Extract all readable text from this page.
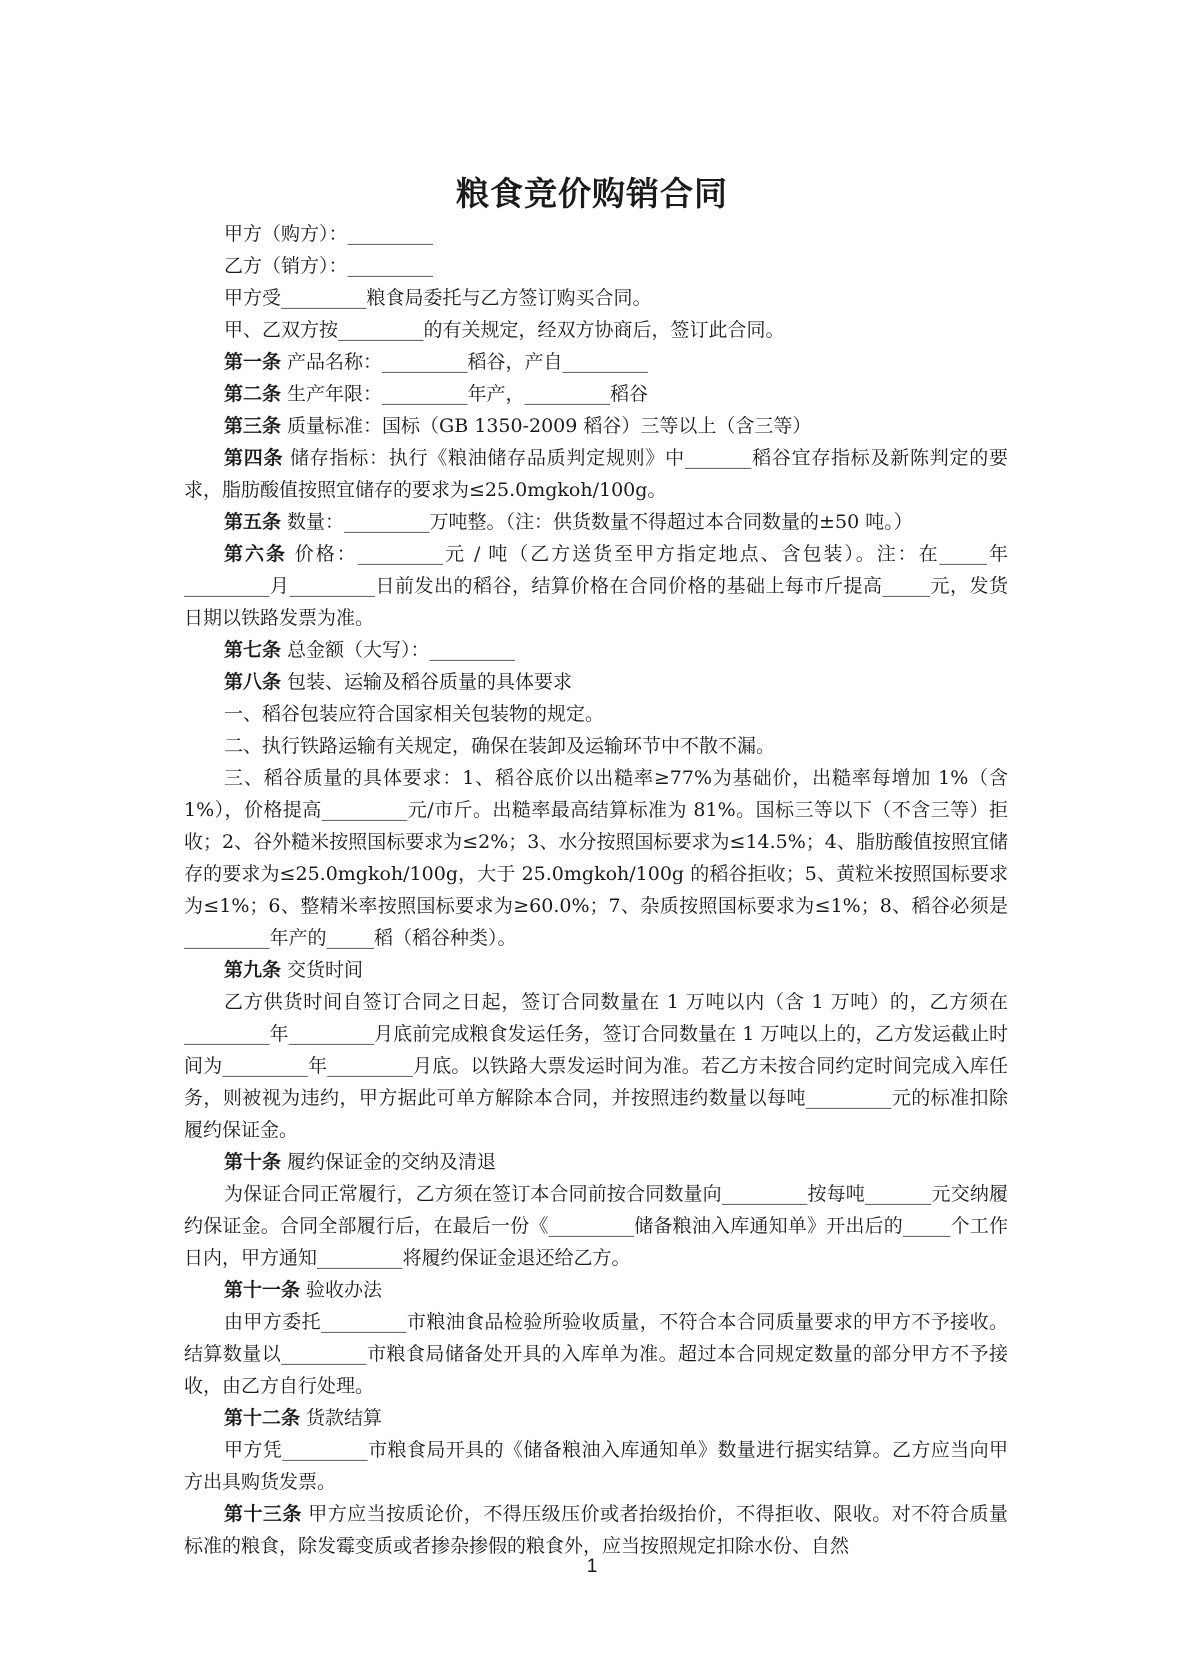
粮食竞价购销合同

甲方（购方）：_________

乙方（销方）：_________

甲方受_________粮食局委托与乙方签订购买合同。

甲、乙双方按_________的有关规定，经双方协商后，签订此合同。

第一条 产品名称：_________稻谷，产自_________

第二条 生产年限：_________年产，_________稻谷

第三条 质量标准：国标（GB 1350-2009 稻谷）三等以上（含三等）

第四条 储存指标：执行《粮油储存品质判定规则》中_______稻谷宜存指标及新陈判定的要求，脂肪酸值按照宜储存的要求为≤25.0mgkoh/100g。

第五条 数量：_________万吨整。（注：供货数量不得超过本合同数量的±50 吨。）

第六条 价格：_________元 / 吨（乙方送货至甲方指定地点、含包装）。注：在_____年_________月_________日前发出的稻谷，结算价格在合同价格的基础上每市斤提高_____元，发货日期以铁路发票为准。

第七条 总金额（大写）：_________

第八条 包装、运输及稻谷质量的具体要求

一、稻谷包装应符合国家相关包装物的规定。

二、执行铁路运输有关规定，确保在装卸及运输环节中不散不漏。

三、稻谷质量的具体要求：1、稻谷底价以出糙率≥77%为基础价，出糙率每增加 1%（含 1%），价格提高_________元/市斤。出糙率最高结算标准为 81%。国标三等以下（不含三等）拒收；2、谷外糙米按照国标要求为≤2%；3、水分按照国标要求为≤14.5%；4、脂肪酸值按照宜储存的要求为≤25.0mgkoh/100g，大于 25.0mgkoh/100g 的稻谷拒收；5、黄粒米按照国标要求为≤1%；6、整精米率按照国标要求为≥60.0%；7、杂质按照国标要求为≤1%；8、稻谷必须是_________年产的_____稻（稻谷种类）。

第九条 交货时间

乙方供货时间自签订合同之日起，签订合同数量在 1 万吨以内（含 1 万吨）的，乙方须在_________年_________月底前完成粮食发运任务，签订合同数量在 1 万吨以上的，乙方发运截止时间为_________年_________月底。以铁路大票发运时间为准。若乙方未按合同约定时间完成入库任务，则被视为违约，甲方据此可单方解除本合同，并按照违约数量以每吨_________元的标准扣除履约保证金。

第十条 履约保证金的交纳及清退

为保证合同正常履行，乙方须在签订本合同前按合同数量向_________按每吨_______元交纳履约保证金。合同全部履行后，在最后一份《_________储备粮油入库通知单》开出后的_____个工作日内，甲方通知_________将履约保证金退还给乙方。

第十一条 验收办法

由甲方委托_________市粮油食品检验所验收质量，不符合本合同质量要求的甲方不予接收。结算数量以_________市粮食局储备处开具的入库单为准。超过本合同规定数量的部分甲方不予接收，由乙方自行处理。

第十二条 货款结算

甲方凭_________市粮食局开具的《储备粮油入库通知单》数量进行据实结算。乙方应当向甲方出具购货发票。

第十三条 甲方应当按质论价，不得压级压价或者抬级抬价，不得拒收、限收。对不符合质量标准的粮食，除发霉变质或者掺杂掺假的粮食外，应当按照规定扣除水份、自然

1
